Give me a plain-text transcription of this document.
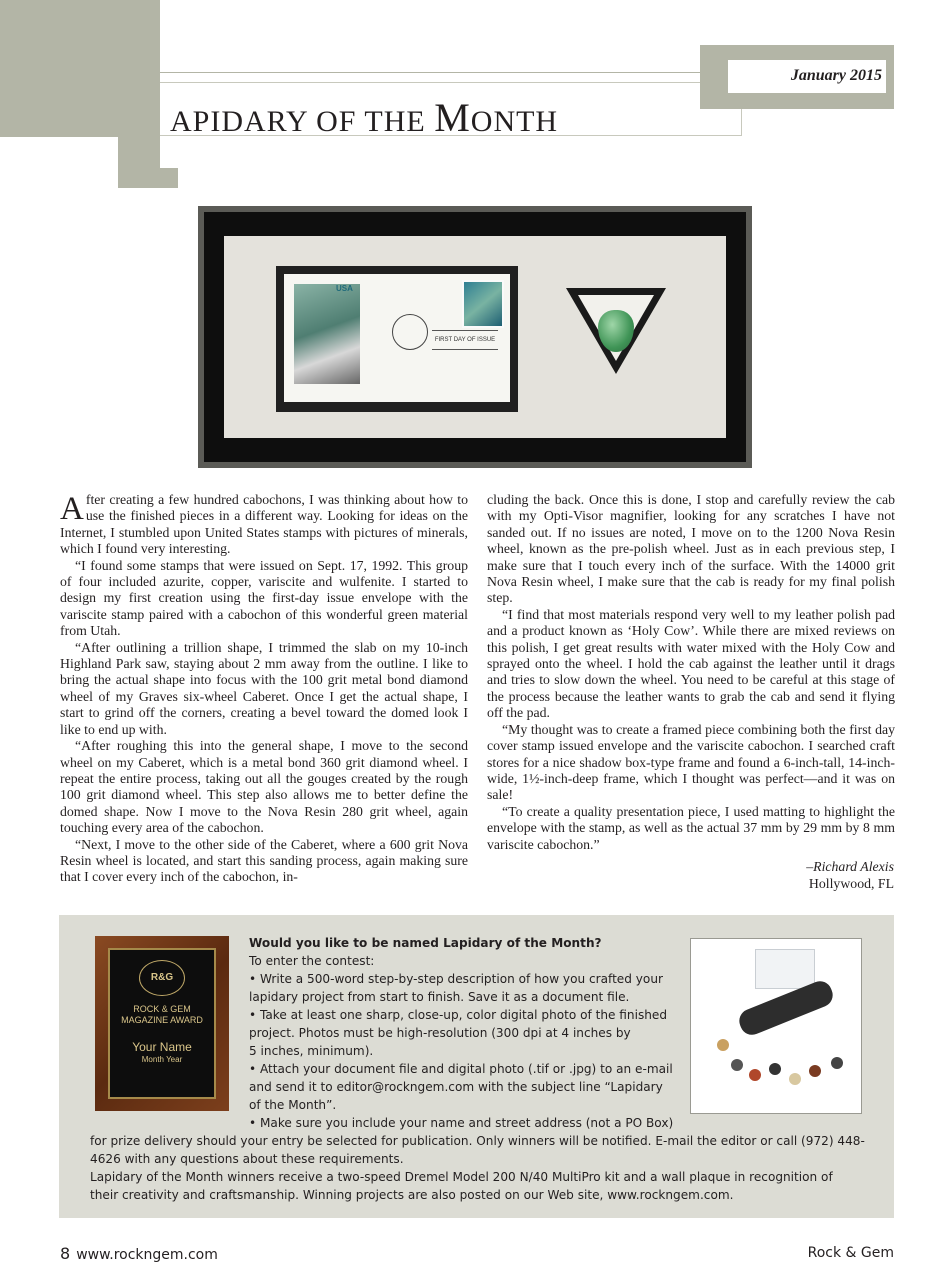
APIDARY OF THE MONTH
January 2015
USA
FIRST DAY OF ISSUE

After creating a few hundred cabochons, I was thinking about how to use the finished pieces in a different way. Looking for ideas on the Internet, I stumbled upon United States stamps with pictures of minerals, which I found very interesting.

“I found some stamps that were issued on Sept. 17, 1992. This group of four included azurite, copper, variscite and wulfenite. I started to design my first creation using the first-day issue envelope with the variscite stamp paired with a cabochon of this wonderful green material from Utah.

“After outlining a trillion shape, I trimmed the slab on my 10-inch Highland Park saw, staying about 2 mm away from the outline. I like to bring the actual shape into focus with the 100 grit metal bond diamond wheel of my Graves six-wheel Caberet. Once I get the actual shape, I start to grind off the corners, creating a bevel toward the domed look I like to end up with.

“After roughing this into the general shape, I move to the second wheel on my Caberet, which is a metal bond 360 grit diamond wheel. I repeat the entire process, taking out all the gouges created by the rough 100 grit diamond wheel. This step also allows me to better define the domed shape. Now I move to the Nova Resin 280 grit wheel, again touching every area of the cabochon.

“Next, I move to the other side of the Caberet, where a 600 grit Nova Resin wheel is located, and start this sanding process, again making sure that I cover every inch of the cabochon, in-

cluding the back. Once this is done, I stop and carefully review the cab with my Opti-Visor magnifier, looking for any scratches I have not sanded out. If no issues are noted, I move on to the 1200 Nova Resin wheel, known as the pre-polish wheel. Just as in each previous step, I make sure that I touch every inch of the surface. With the 14000 grit Nova Resin wheel, I make sure that the cab is ready for my final polish step.

“I find that most materials respond very well to my leather polish pad and a product known as ‘Holy Cow’. While there are mixed reviews on this polish, I get great results with water mixed with the Holy Cow and sprayed onto the wheel. I hold the cab against the leather until it drags and tries to slow down the wheel. You need to be careful at this stage of the process because the leather wants to grab the cab and send it flying off the pad.

“My thought was to create a framed piece combining both the first day cover stamp issued envelope and the variscite cabochon. I searched craft stores for a nice shadow box-type frame and found a 6-inch-tall, 14-inch-wide, 1½-inch-deep frame, which I thought was perfect—and it was on sale!

“To create a quality presentation piece, I used matting to highlight the envelope with the stamp, as well as the actual 37 mm by 29 mm by 8 mm variscite cabochon.”

–Richard Alexis
Hollywood, FL
R&G
ROCK & GEM
MAGAZINE AWARD
Your Name
Month Year
Would you like to be named Lapidary of the Month?
To enter the contest:
• Write a 500-word step-by-step description of how you crafted your
lapidary project from start to finish. Save it as a document file.
• Take at least one sharp, close-up, color digital photo of the finished
project. Photos must be high-resolution (300 dpi at 4 inches by
5 inches, minimum).
• Attach your document file and digital photo (.tif or .jpg) to an e-mail
and send it to editor@rockngem.com with the subject line “Lapidary
of the Month”.
• Make sure you include your name and street address (not a PO Box)
for prize delivery should your entry be selected for publication. Only winners will be notified. E-mail the editor or call (972) 448-
4626 with any questions about these requirements.
Lapidary of the Month winners receive a two-speed Dremel Model 200 N/40 MultiPro kit and a wall plaque in recognition of
their creativity and craftsmanship. Winning projects are also posted on our Web site, www.rockngem.com.
8 www.rockngem.com	Rock & Gem
